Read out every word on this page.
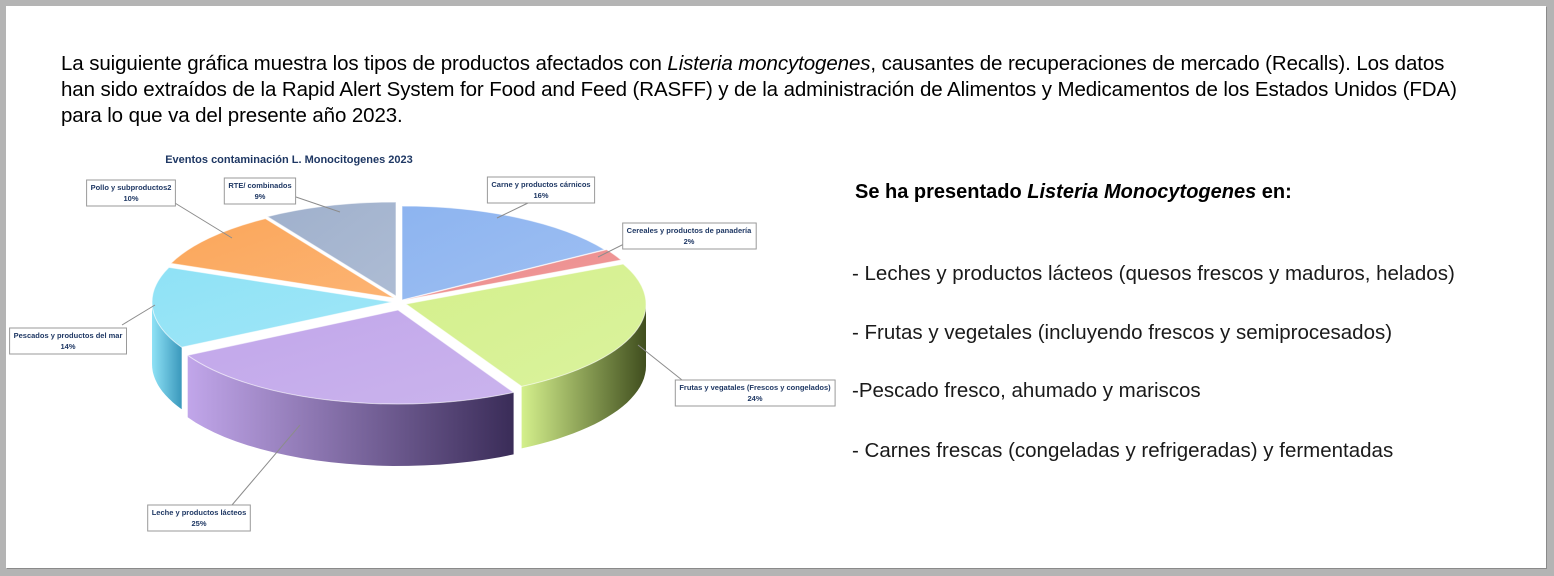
La suiguiente gráfica muestra los tipos de productos afectados con Listeria moncytogenes, causantes de recuperaciones de mercado (Recalls). Los datos han sido extraídos de la Rapid Alert System for Food and Feed (RASFF) y de la administración de Alimentos y Medicamentos de los Estados Unidos (FDA) para lo que va del presente año 2023.
Eventos contaminación L. Monocitogenes 2023
Carne y productos cárnicos
16%
Cereales y productos de panadería
2%
Frutas y vegatales (Frescos y congelados)
24%
Leche y productos lácteos
25%
Pescados y productos del mar
14%
Pollo y subproductos2
10%
RTE/ combinados
9%	Se ha presentado Listeria Monocytogenes en:
- Leches y productos lácteos (quesos frescos y maduros, helados)
- Frutas y vegetales (incluyendo frescos y semiprocesados)
-Pescado fresco, ahumado y mariscos
- Carnes frescas (congeladas y refrigeradas) y fermentadas
